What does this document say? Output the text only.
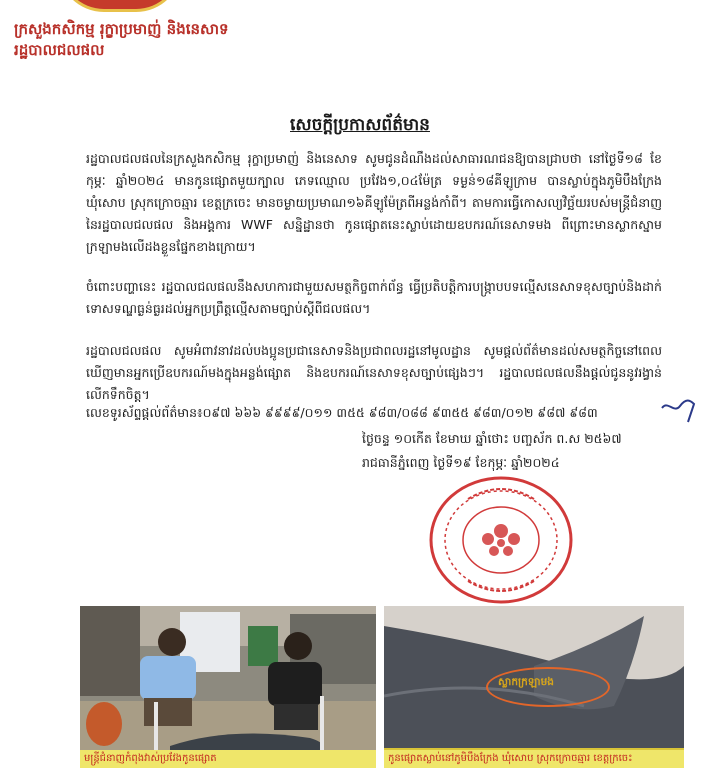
ក្រសួងកសិកម្ម រុក្ខាប្រមាញ់ និងនេសាទ
រដ្ឋបាលជលផល
សេចក្ដីប្រកាសព័ត៌មាន
រដ្ឋបាលជលផលនៃក្រសួងកសិកម្ម រុក្ខាប្រមាញ់ និងនេសាទ សូមជូនដំណឹងដល់សាធារណជនឱ្យបានជ្រាបថា នៅថ្ងៃទី១៨ ខែកុម្ភៈ ឆ្នាំ២០២៤ មានកូនផ្សោតមួយក្បាល ភេទឈ្មោល ប្រវែង១,០៤ម៉ែត្រ ទម្ងន់១៨គីឡូក្រាម បានស្លាប់ក្នុងភូមិបឹងក្រែង ឃុំសោប ស្រុកក្រោចឆ្មារ ខេត្តក្រចេះ មានចម្ងាយប្រមាណ១៦គីឡូម៉ែត្រពីអន្លង់កាំពី។ តាមការធ្វើកោសល្យវិច្ឆ័យរបស់មន្ត្រីជំនាញនៃរដ្ឋបាលជលផល និងអង្គការ WWF សន្និដ្ឋានថា កូនផ្សោតនេះស្លាប់ដោយឧបករណ៍នេសាទមង ពីព្រោះមានស្លាកស្នាមក្រឡាមងលើដងខ្លួនផ្នែកខាងក្រោយ។
ចំពោះបញ្ហានេះ រដ្ឋបាលជលផលនឹងសហការជាមួយសមត្ថកិច្ចពាក់ព័ន្ធ ធ្វើប្រតិបត្តិការបង្ក្រាបបទល្មើសនេសាទខុសច្បាប់និងដាក់ទោសទណ្ឌធ្ងន់ធ្ងរដល់អ្នកប្រព្រឹត្តល្មើសតាមច្បាប់ស្ដីពីជលផល។
រដ្ឋបាលជលផល សូមអំពាវនាវដល់បងប្អូនប្រជានេសាទនិងប្រជាពលរដ្ឋនៅមូលដ្ឋាន សូមផ្ដល់ព័ត៌មានដល់សមត្ថកិច្ចនៅពេលឃើញមានអ្នកប្រើឧបករណ៍មងក្នុងអន្លង់ផ្សោត និងឧបករណ៍នេសាទខុសច្បាប់ផ្សេងៗ។ រដ្ឋបាលជលផលនឹងផ្ដល់ជូននូវរង្វាន់លើកទឹកចិត្ត។
លេខទូរស័ព្ទផ្ដល់ព័ត៌មាន៖០៩៧ ៦៦៦ ៩៩៩៩/០១១ ៣៥៥ ៩៨៣/០៨៨ ៩៣៥៥ ៩៨៣/០១២ ៩៨៧ ៩៨៣
ថ្ងៃចន្ទ ១០កើត ខែមាឃ ឆ្នាំថោះ បញ្ចស័ក ព.ស ២៥៦៧
រាជធានីភ្នំពេញ ថ្ងៃទី១៩ ខែកុម្ភៈ ឆ្នាំ២០២៤
មន្ត្រីជំនាញកំពុងវាស់ប្រវែងកូនផ្សោត	កូនផ្សោតស្លាប់នៅភូមិបឹងក្រែង ឃុំសោប ស្រុកក្រោចឆ្មារ ខេត្តក្រចេះ
ស្លាកក្រឡាមង
